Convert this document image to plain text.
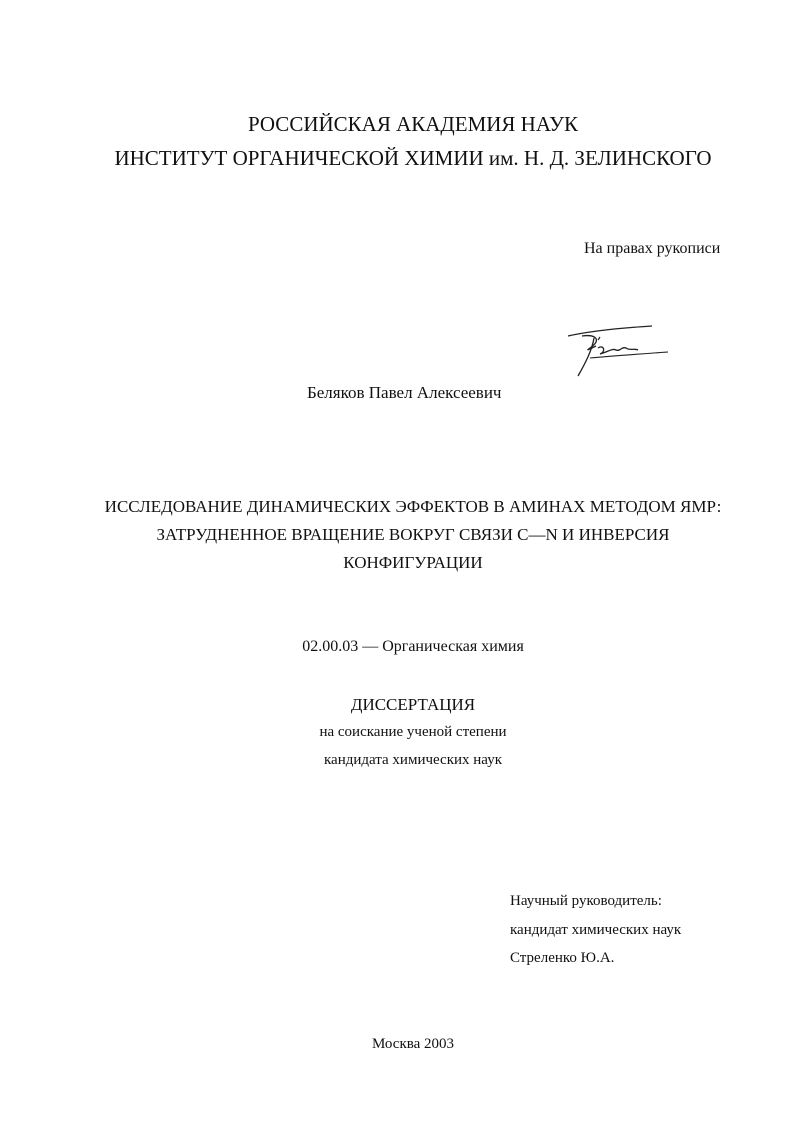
РОССИЙСКАЯ АКАДЕМИЯ НАУК
ИНСТИТУТ ОРГАНИЧЕСКОЙ ХИМИИ им. Н. Д. ЗЕЛИНСКОГО
На правах рукописи
Беляков Павел Алексеевич
ИССЛЕДОВАНИЕ ДИНАМИЧЕСКИХ ЭФФЕКТОВ В АМИНАХ МЕТОДОМ ЯМР:
ЗАТРУДНЕННОЕ ВРАЩЕНИЕ ВОКРУГ СВЯЗИ C—N И ИНВЕРСИЯ
КОНФИГУРАЦИИ
02.00.03 — Органическая химия
ДИССЕРТАЦИЯ
на соискание ученой степени
кандидата химических наук
Научный руководитель:
кандидат химических наук
Стреленко Ю.А.
Москва 2003
